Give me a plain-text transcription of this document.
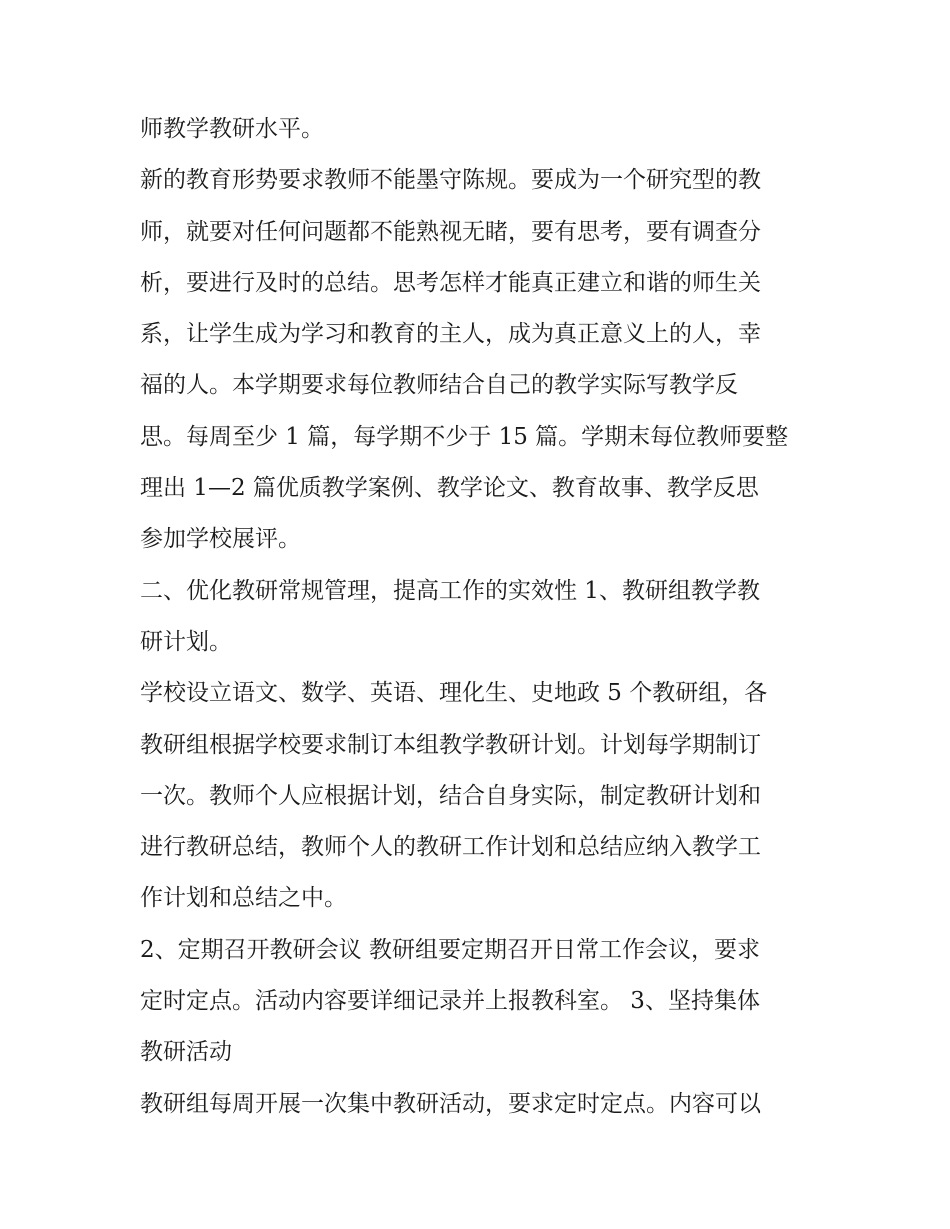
师教学教研水平。
新的教育形势要求教师不能墨守陈规。要成为一个研究型的教
师，就要对任何问题都不能熟视无睹，要有思考，要有调查分
析，要进行及时的总结。思考怎样才能真正建立和谐的师生关
系，让学生成为学习和教育的主人，成为真正意义上的人，幸
福的人。本学期要求每位教师结合自己的教学实际写教学反
思。每周至少 1 篇，每学期不少于 15 篇。学期末每位教师要整
理出 1—2 篇优质教学案例、教学论文、教育故事、教学反思
参加学校展评。
二、优化教研常规管理，提高工作的实效性 1、教研组教学教
研计划。
学校设立语文、数学、英语、理化生、史地政 5 个教研组，各
教研组根据学校要求制订本组教学教研计划。计划每学期制订
一次。教师个人应根据计划，结合自身实际，制定教研计划和
进行教研总结，教师个人的教研工作计划和总结应纳入教学工
作计划和总结之中。
2、定期召开教研会议 教研组要定期召开日常工作会议，要求
定时定点。活动内容要详细记录并上报教科室。 3、坚持集体
教研活动
教研组每周开展一次集中教研活动，要求定时定点。内容可以
